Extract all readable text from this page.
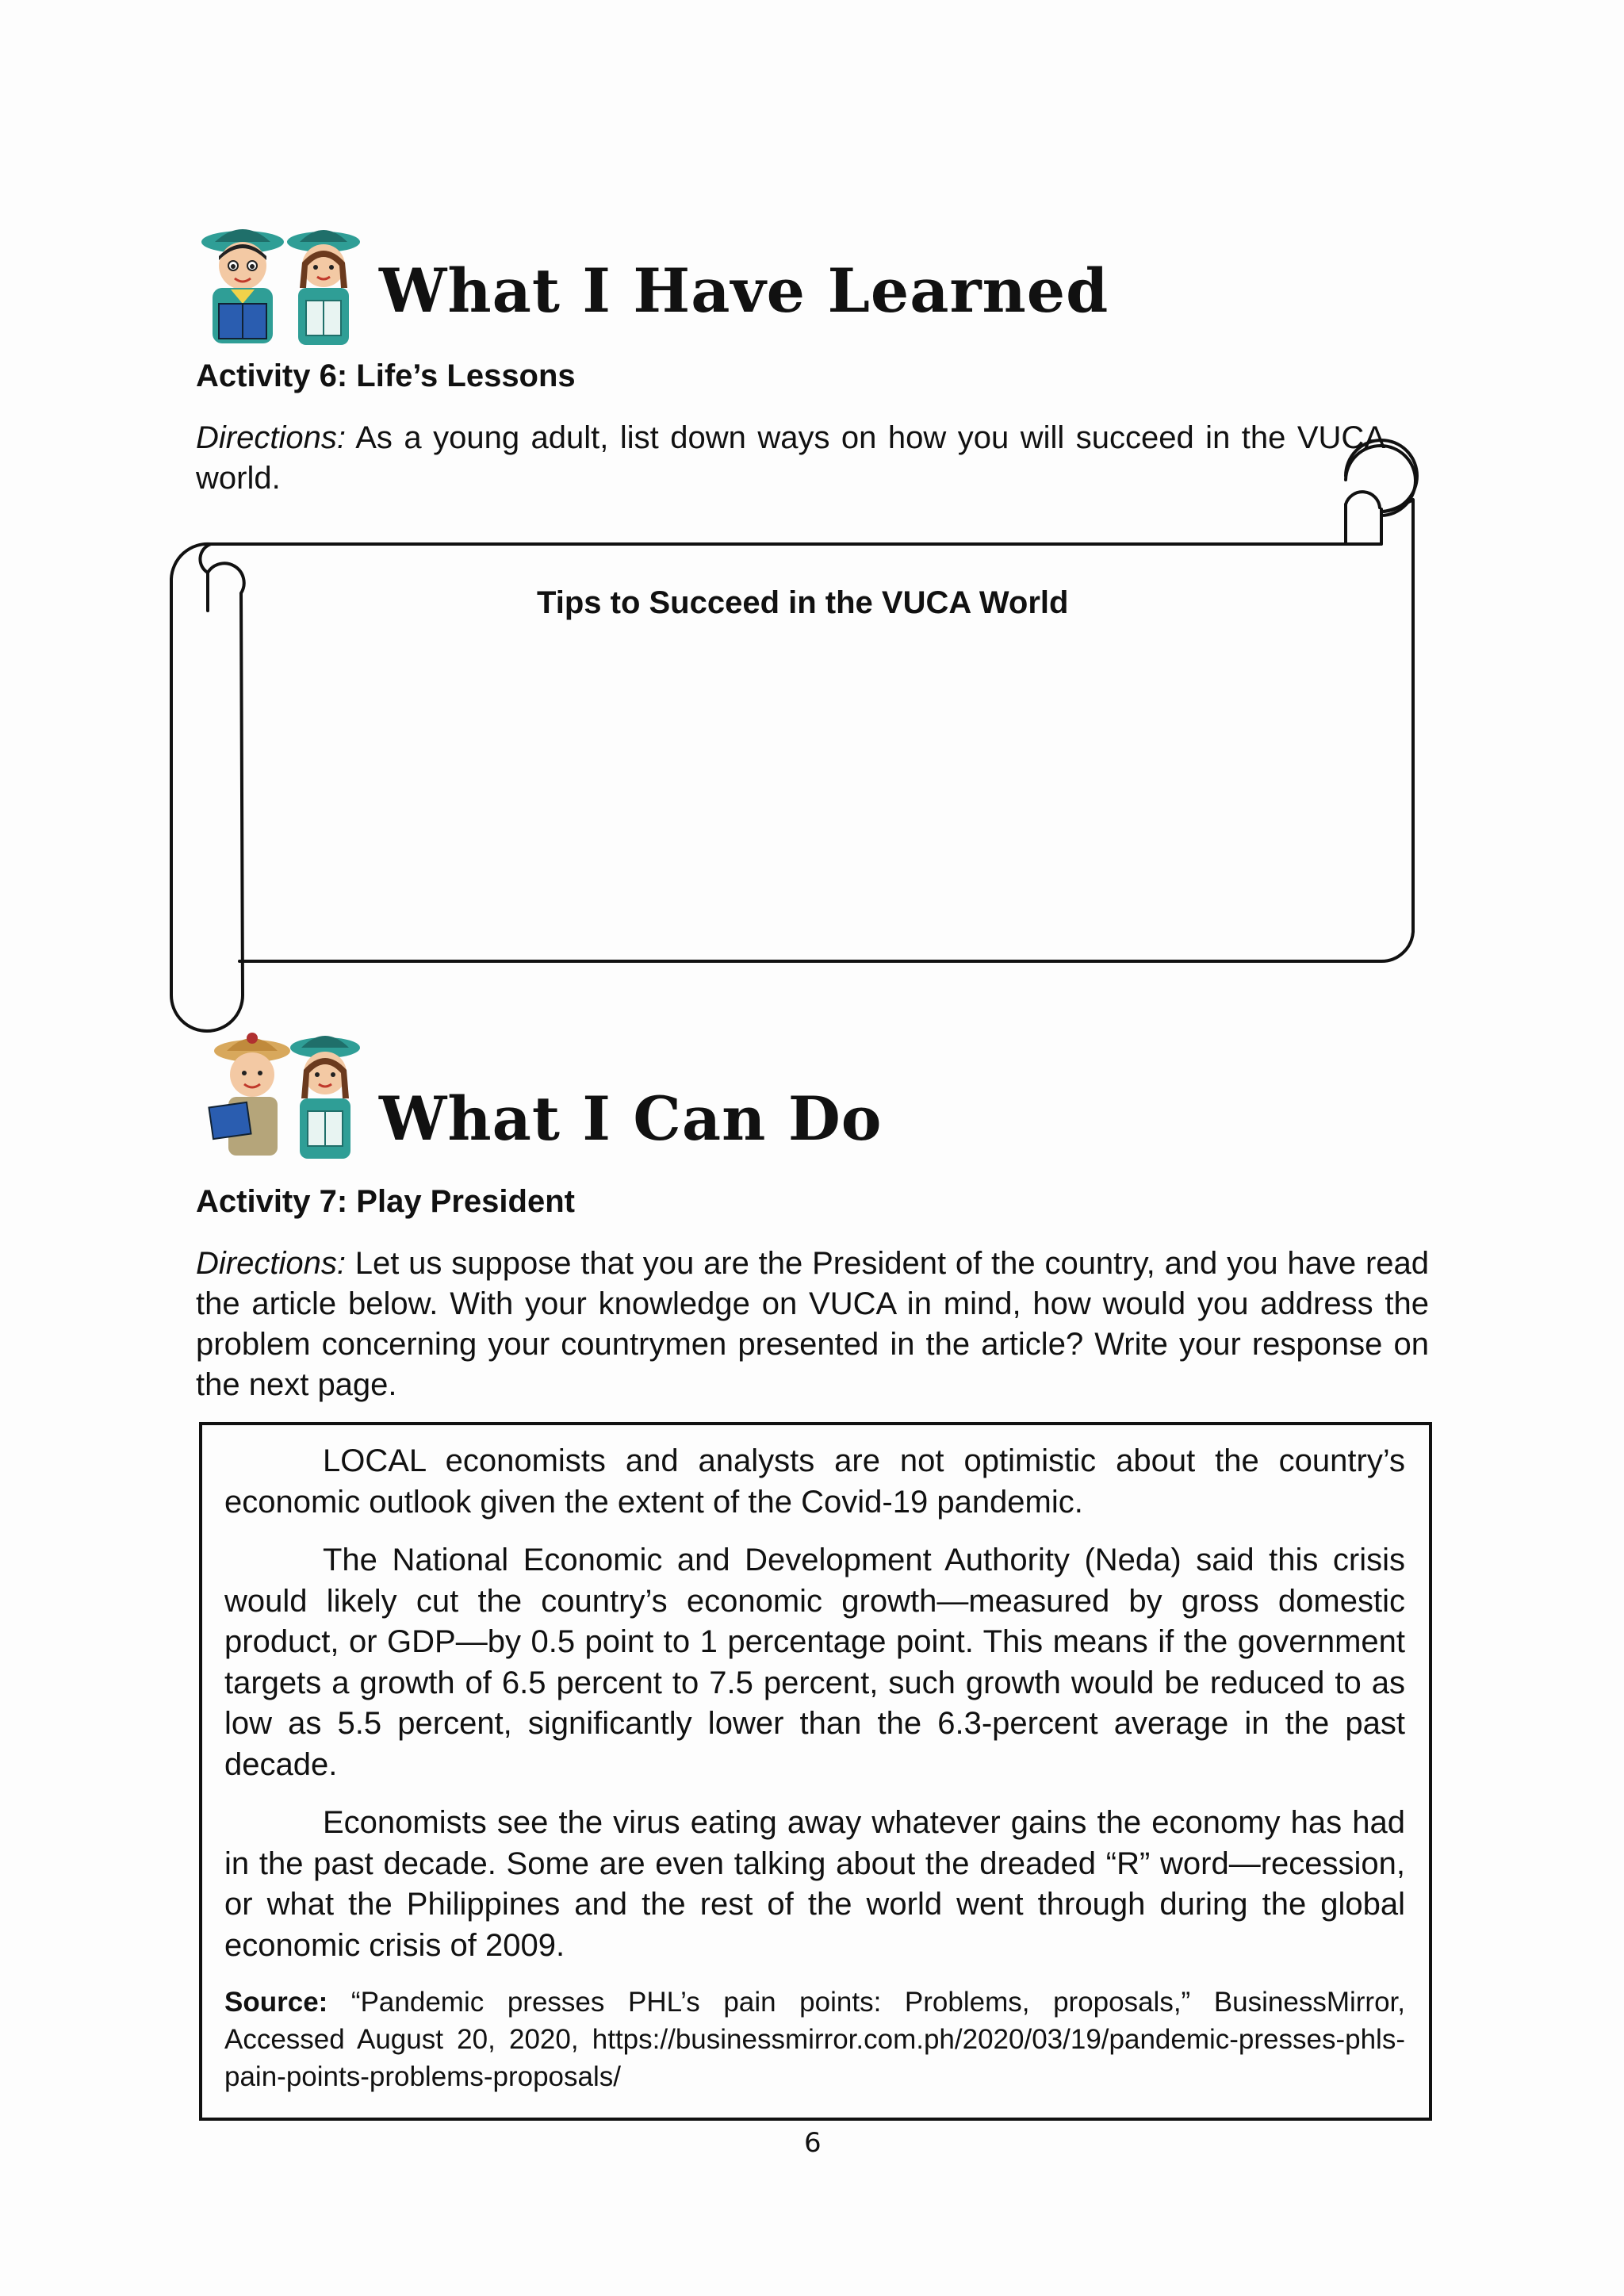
What I Have Learned
Activity 6: Life’s Lessons
Directions: As a young adult, list down ways on how you will succeed in the VUCA world.
Tips to Succeed in the VUCA World
What I Can Do
Activity 7: Play President
Directions: Let us suppose that you are the President of the country, and you have read the article below. With your knowledge on VUCA in mind, how would you address the problem concerning your countrymen presented in the article? Write your response on the next page.

LOCAL economists and analysts are not optimistic about the country’s economic outlook given the extent of the Covid-19 pandemic.

The National Economic and Development Authority (Neda) said this crisis would likely cut the country’s economic growth—measured by gross domestic product, or GDP—by 0.5 point to 1 percentage point. This means if the government targets a growth of 6.5 percent to 7.5 percent, such growth would be reduced to as low as 5.5 percent, significantly lower than the 6.3-percent average in the past decade.

Economists see the virus eating away whatever gains the economy has had in the past decade. Some are even talking about the dreaded “R” word—recession, or what the Philippines and the rest of the world went through during the global economic crisis of 2009.

Source: “Pandemic presses PHL’s pain points: Problems, proposals,” BusinessMirror, Accessed August 20, 2020, https://businessmirror.com.ph/2020/03/19/pandemic-presses-phls-pain-points-problems-proposals/

6
